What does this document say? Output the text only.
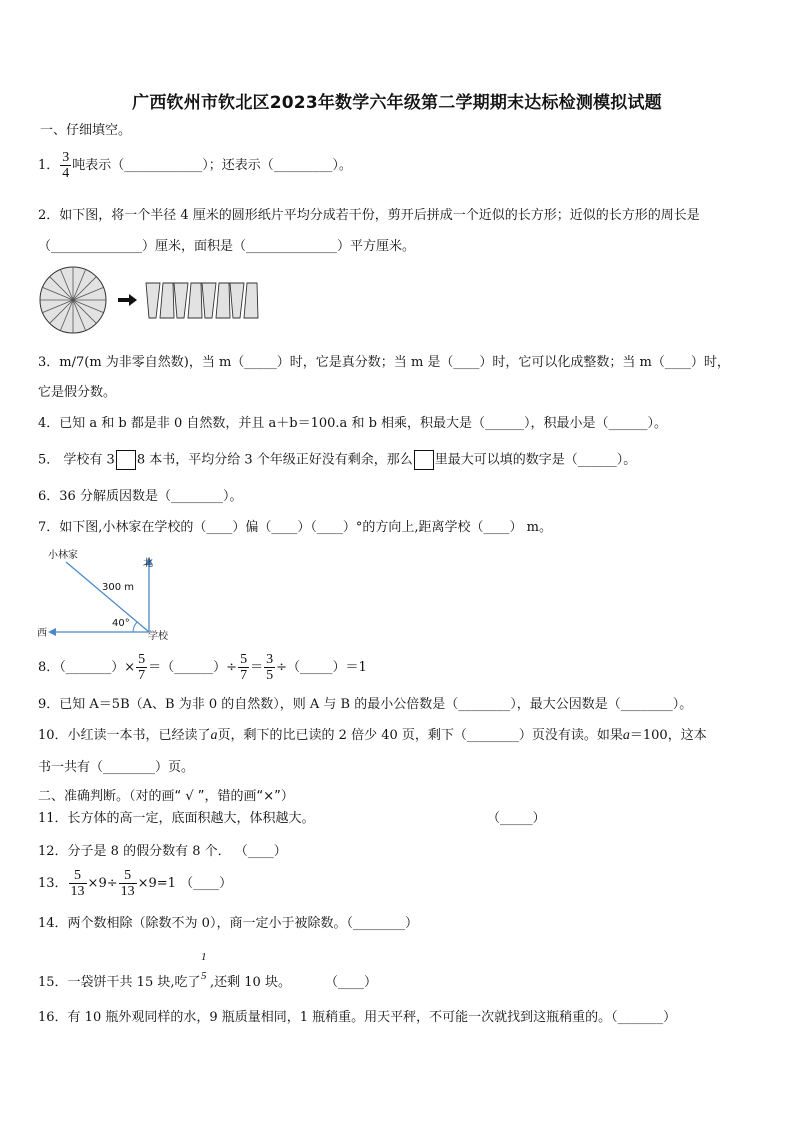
广西钦州市钦北区2023年数学六年级第二学期期末达标检测模拟试题
一、仔细填空。
1． $\frac{3}{4}$ 吨表示（____________）；还表示（_________）。
2．如下图，将一个半径 4 厘米的圆形纸片平均分成若干份，剪开后拼成一个近似的长方形；近似的长方形的周长是
（______________）厘米，面积是（______________）平方厘米。
3．m/7(m 为非零自然数)，当 m（_____）时，它是真分数；当 m 是（____）时，它可以化成整数；当 m（____）时，
它是假分数。
4．已知 a 和 b 都是非 0 自然数，并且 a＋b＝100.a 和 b 相乘，积最大是（______），积最小是（______）。
5． 学校有 3 8 本书，平均分给 3 个年级正好没有剩余，那么 里最大可以填的数字是（______）。
6．36 分解质因数是（________）。
7．如下图,小林家在学校的（____）偏（____）（____）°的方向上,距离学校（____） m。
小林家
北
西	学校
300 m
40°
8．（_______）× $\frac{5}{7}$ ＝（______）÷ $\frac{5}{7} = \frac{3}{5}$ ÷（_____）＝1
9．已知 A＝5B（A、B 为非 0 的自然数），则 A 与 B 的最小公倍数是（________），最大公因数是（________）。
10．小红读一本书，已经读了a页，剩下的比已读的 2 倍少 40 页，剩下（________）页没有读。如果a＝100，这本
书一共有（________）页。
二、准确判断。（对的画“ √ ”，错的画“×”）
11．长方体的高一定，底面积越大，体积越大。	（_____）
12．分子是 8 的假分数有 8 个． （____）
13． $\frac{5}{13} \times 9\div \frac{5}{13} \times 9=1$ （____）
14．两个数相除（除数不为 0），商一定小于被除数。（________）
15．一袋饼干共 15 块,吃了
1
5 ,还剩 10 块。	（____）
16．有 10 瓶外观同样的水，9 瓶质量相同，1 瓶稍重。用天平秤，不可能一次就找到这瓶稍重的。（_______）
